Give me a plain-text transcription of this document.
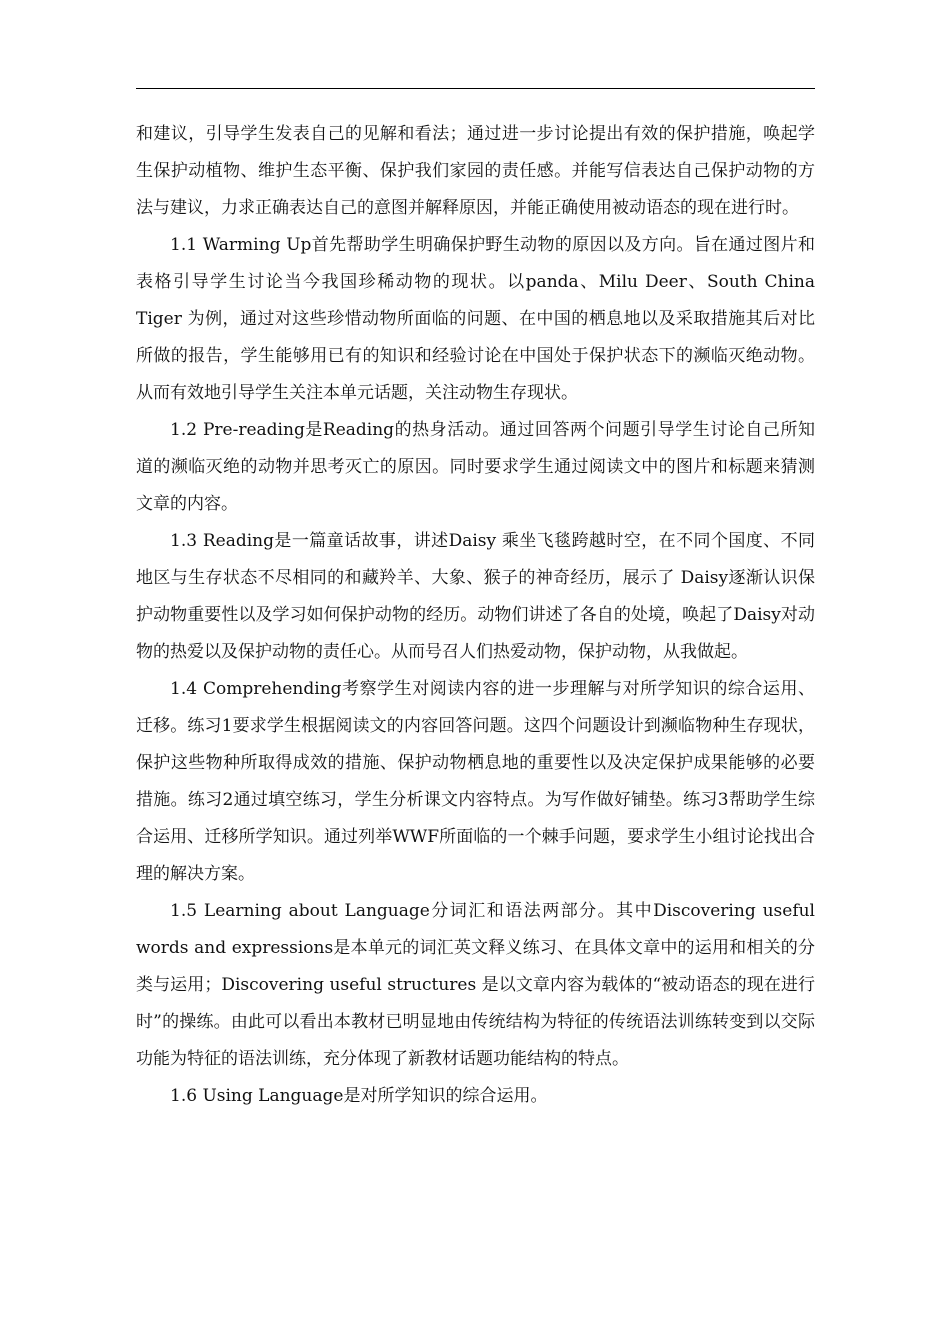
和建议，引导学生发表自己的见解和看法；通过进一步讨论提出有效的保护措施，唤起学生保护动植物、维护生态平衡、保护我们家园的责任感。并能写信表达自己保护动物的方法与建议，力求正确表达自己的意图并解释原因，并能正确使用被动语态的现在进行时。

1.1 Warming Up首先帮助学生明确保护野生动物的原因以及方向。旨在通过图片和表格引导学生讨论当今我国珍稀动物的现状。以panda、Milu Deer、South China Tiger 为例，通过对这些珍惜动物所面临的问题、在中国的栖息地以及采取措施其后对比所做的报告，学生能够用已有的知识和经验讨论在中国处于保护状态下的濒临灭绝动物。从而有效地引导学生关注本单元话题，关注动物生存现状。

1.2 Pre-reading是Reading的热身活动。通过回答两个问题引导学生讨论自己所知道的濒临灭绝的动物并思考灭亡的原因。同时要求学生通过阅读文中的图片和标题来猜测文章的内容。

1.3 Reading是一篇童话故事，讲述Daisy 乘坐飞毯跨越时空，在不同个国度、不同地区与生存状态不尽相同的和藏羚羊、大象、猴子的神奇经历，展示了 Daisy逐渐认识保护动物重要性以及学习如何保护动物的经历。动物们讲述了各自的处境，唤起了Daisy对动物的热爱以及保护动物的责任心。从而号召人们热爱动物，保护动物，从我做起。

1.4 Comprehending考察学生对阅读内容的进一步理解与对所学知识的综合运用、迁移。练习1要求学生根据阅读文的内容回答问题。这四个问题设计到濒临物种生存现状，保护这些物种所取得成效的措施、保护动物栖息地的重要性以及决定保护成果能够的必要措施。练习2通过填空练习，学生分析课文内容特点。为写作做好铺垫。练习3帮助学生综合运用、迁移所学知识。通过列举WWF所面临的一个棘手问题，要求学生小组讨论找出合理的解决方案。

1.5 Learning about Language分词汇和语法两部分。其中Discovering useful words and expressions是本单元的词汇英文释义练习、在具体文章中的运用和相关的分类与运用；Discovering useful structures 是以文章内容为载体的“被动语态的现在进行时”的操练。由此可以看出本教材已明显地由传统结构为特征的传统语法训练转变到以交际功能为特征的语法训练，充分体现了新教材话题功能结构的特点。

1.6 Using Language是对所学知识的综合运用。
